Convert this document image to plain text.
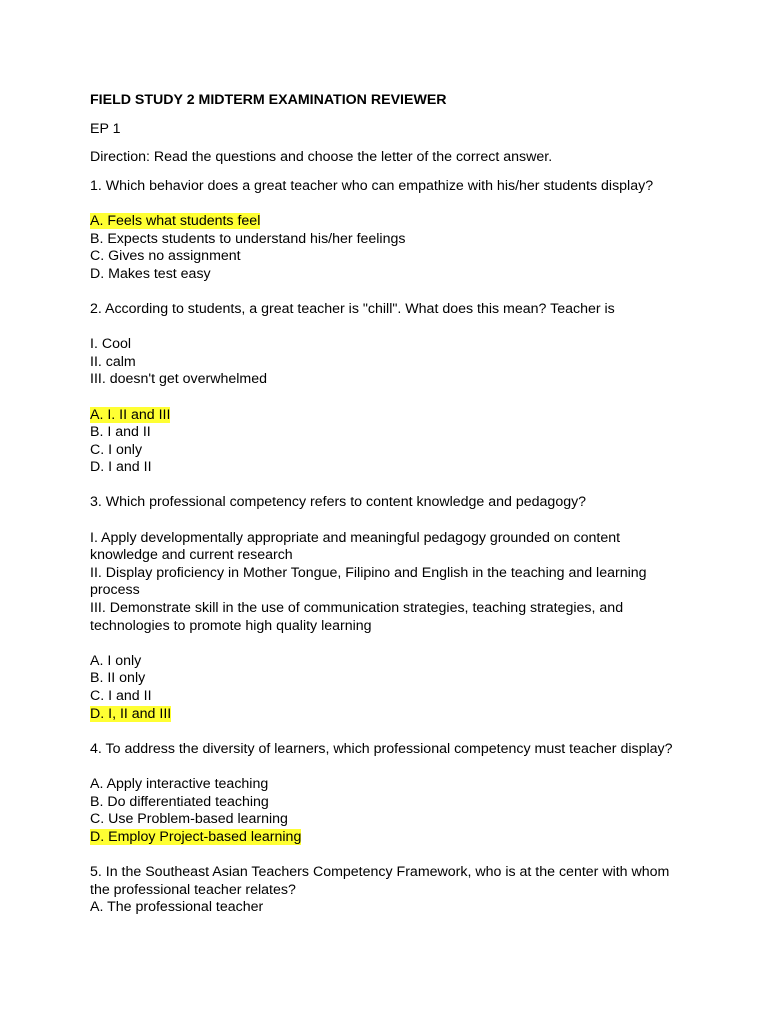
FIELD STUDY 2 MIDTERM EXAMINATION REVIEWER

EP 1

Direction: Read the questions and choose the letter of the correct answer.

1. Which behavior does a great teacher who can empathize with his/her students display?
A. Feels what students feel
B. Expects students to understand his/her feelings
C. Gives no assignment
D. Makes test easy
2. According to students, a great teacher is "chill". What does this mean? Teacher is
I. Cool
II. calm
III. doesn't get overwhelmed
A. I. II and III
B. I and II
C. I only
D. I and II
3. Which professional competency refers to content knowledge and pedagogy?
I. Apply developmentally appropriate and meaningful pedagogy grounded on content knowledge and current research
II. Display proficiency in Mother Tongue, Filipino and English in the teaching and learning process
III. Demonstrate skill in the use of communication strategies, teaching strategies, and technologies to promote high quality learning
A. I only
B. II only
C. I and II
D. I, II and III
4. To address the diversity of learners, which professional competency must teacher display?
A. Apply interactive teaching
B. Do differentiated teaching
C. Use Problem-based learning
D. Employ Project-based learning
5. In the Southeast Asian Teachers Competency Framework, who is at the center with whom the professional teacher relates?
A. The professional teacher
